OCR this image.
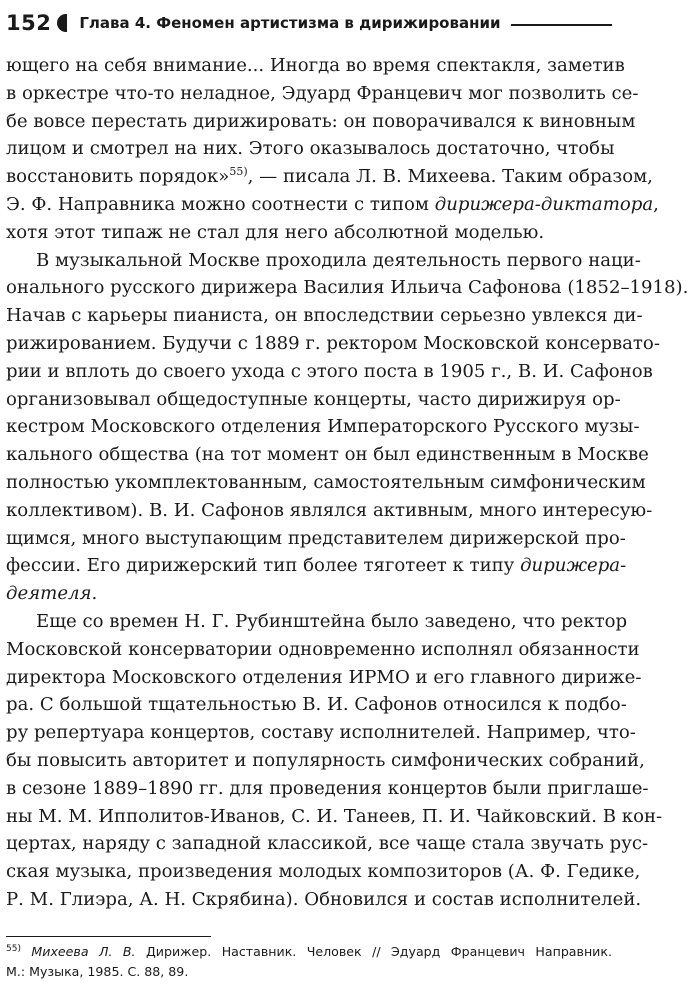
152 Глава 4. Феномен артистизма в дирижировании
ющего на себя внимание... Иногда во время спектакля, заметив
в оркестре что-то неладное, Эдуард Францевич мог позволить се-
бе вовсе перестать дирижировать: он поворачивался к виновным
лицом и смотрел на них. Этого оказывалось достаточно, чтобы
восстановить порядок»$^{55)}$, — писала Л. В. Михеева. Таким образом,
Э. Ф. Направника можно соотнести с типом дирижера-диктатора,
хотя этот типаж не стал для него абсолютной моделью.
В музыкальной Москве проходила деятельность первого наци-
онального русского дирижера Василия Ильича Сафонова (1852–1918).
Начав с карьеры пианиста, он впоследствии серьезно увлекся ди-
рижированием. Будучи с 1889 г. ректором Московской консервато-
рии и вплоть до своего ухода с этого поста в 1905 г., В. И. Сафонов
организовывал общедоступные концерты, часто дирижируя ор-
кестром Московского отделения Императорского Русского музы-
кального общества (на тот момент он был единственным в Москве
полностью укомплектованным, самостоятельным симфоническим
коллективом). В. И. Сафонов являлся активным, много интересую-
щимся, много выступающим представителем дирижерской про-
фессии. Его дирижерский тип более тяготеет к типу дирижера-
деятеля.
Еще со времен Н. Г. Рубинштейна было заведено, что ректор
Московской консерватории одновременно исполнял обязанности
директора Московского отделения ИРМО и его главного дирижe-
ра. С большой тщательностью В. И. Сафонов относился к подбо-
ру репертуара концертов, составу исполнителей. Например, что-
бы повысить авторитет и популярность симфонических собраний,
в сезоне 1889–1890 гг. для проведения концертов были приглаше-
ны М. М. Ипполитов-Иванов, С. И. Танеев, П. И. Чайковский. В кон-
цертах, наряду с западной классикой, все чаще стала звучать рус-
ская музыка, произведения молодых композиторов (А. Ф. Гедике,
Р. М. Глиэра, А. Н. Скрябина). Обновился и состав исполнителей.
$^{55)}$ Михеева Л. В. Дирижер. Наставник. Человек // Эдуард Францевич Направник.
М.: Музыка, 1985. С. 88, 89.
